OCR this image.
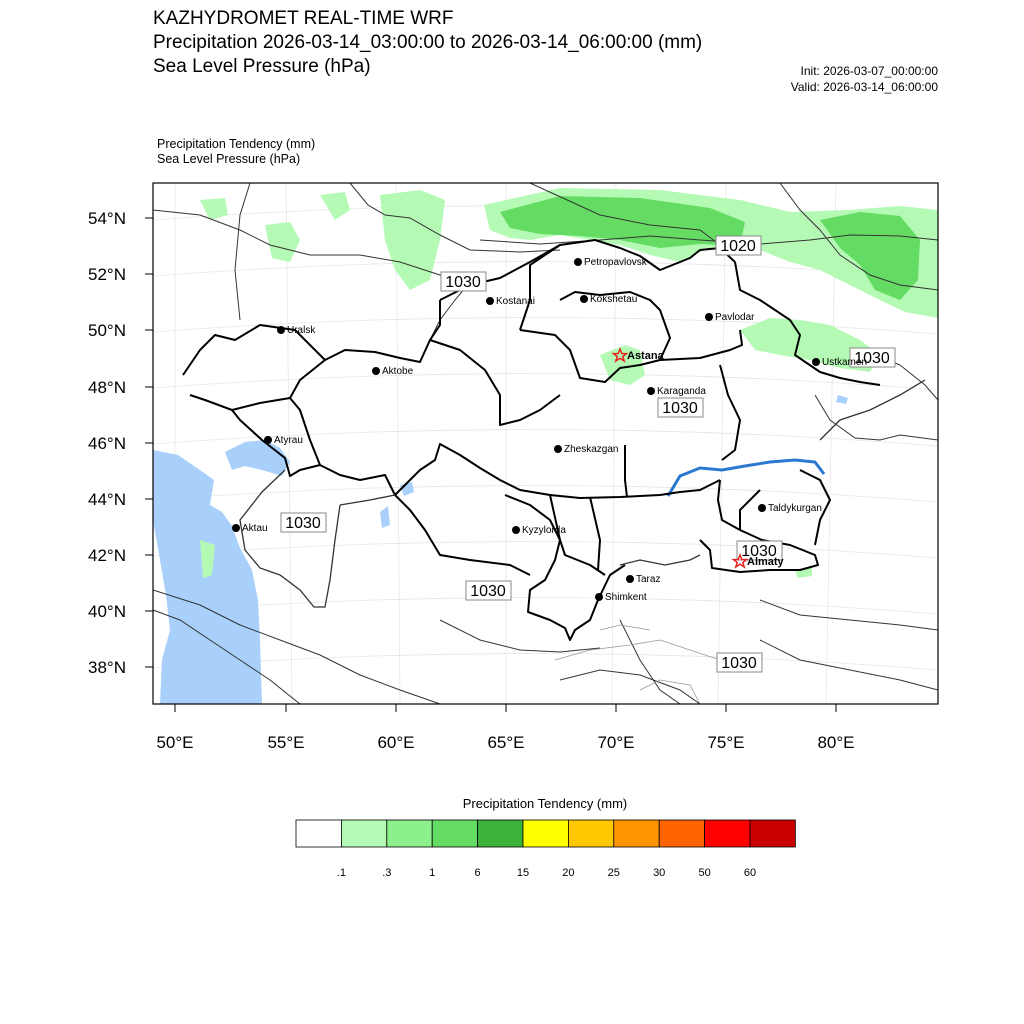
KAZHYDROMET REAL-TIME WRF
Precipitation 2026-03-14_03:00:00 to 2026-03-14_06:00:00 (mm)
Sea Level Pressure (hPa)	Init: 2026-03-07_00:00:00
Valid: 2026-03-14_06:00:00
Precipitation Tendency (mm)
Sea Level Pressure (hPa)
54°N
52°N
50°N
48°N
46°N
44°N
42°N
40°N
38°N
50°E	55°E	60°E	65°E	70°E	75°E	80°E
1030
1020
1030
1030
1030
1030
1030
1030
Petropavlovsk
Kostanai	Kokshetau
Uralsk
Pavlodar
Aktobe
Ustkamen
Karaganda
Atyrau
Zheskazgan
Taldykurgan
Aktau	Kyzylorda
Taraz
Shimkent
Astana
Almaty
Precipitation Tendency (mm)
.1	.3	1	6	15	20	25	30	50	60
